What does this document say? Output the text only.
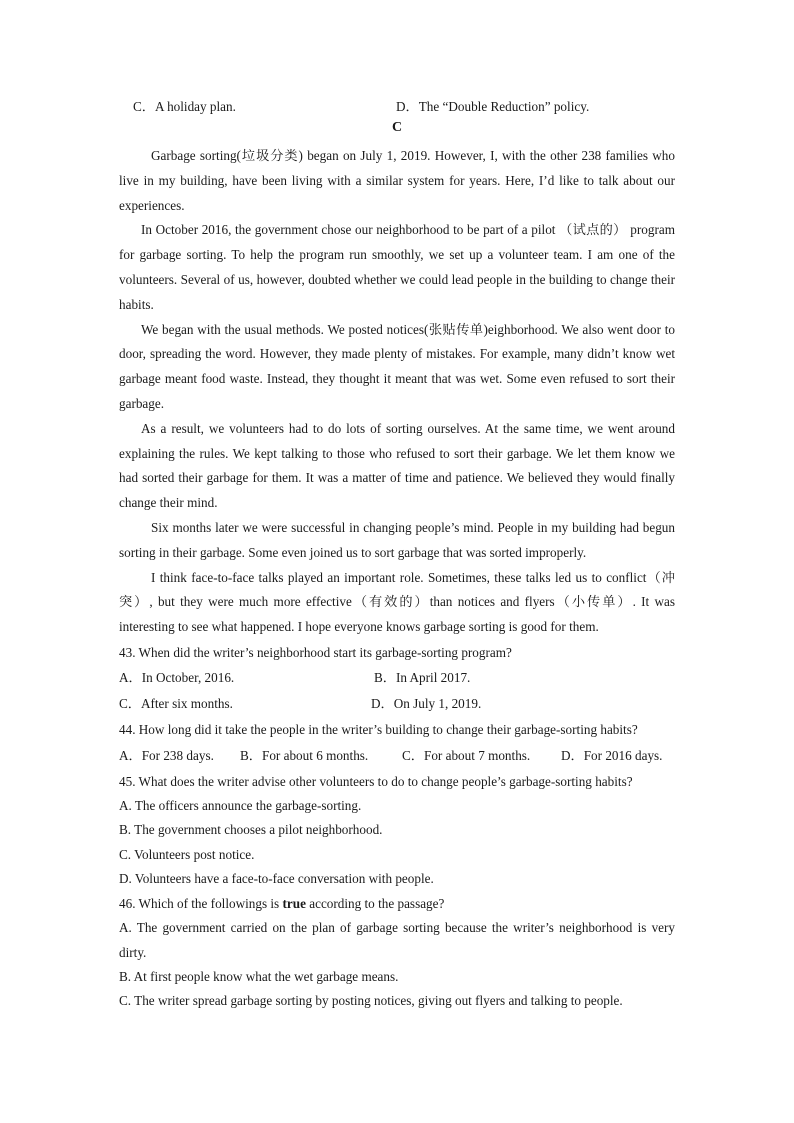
C．A holiday plan.	D．The “Double Reduction” policy.
C

Garbage sorting(垃圾分类) began on July 1, 2019. However, I, with the other 238 families who live in my building, have been living with a similar system for years. Here, I’d like to talk about our experiences.

In October 2016, the government chose our neighborhood to be part of a pilot （试点的） program for garbage sorting. To help the program run smoothly, we set up a volunteer team. I am one of the volunteers. Several of us, however, doubted whether we could lead people in the building to change their habits.

We began with the usual methods. We posted notices(张贴传单)eighborhood. We also went door to door, spreading the word. However, they made plenty of mistakes. For example, many didn’t know wet garbage meant food waste. Instead, they thought it meant that was wet. Some even refused to sort their garbage.

As a result, we volunteers had to do lots of sorting ourselves. At the same time, we went around explaining the rules. We kept talking to those who refused to sort their garbage. We let them know we had sorted their garbage for them. It was a matter of time and patience. We believed they would finally change their mind.

Six months later we were successful in changing people’s mind. People in my building had begun sorting in their garbage. Some even joined us to sort garbage that was sorted improperly.

I think face-to-face talks played an important role. Sometimes, these talks led us to conflict（冲突）, but they were much more effective（有效的）than notices and flyers（小传单）. It was interesting to see what happened. I hope everyone knows garbage sorting is good for them.

43. When did the writer’s neighborhood start its garbage-sorting program?

A．In October, 2016.	B．In April 2017.
C．After six months.	D．On July 1, 2019.

44. How long did it take the people in the writer’s building to change their garbage-sorting habits?

A．For 238 days. B．For about 6 months.	C．For about 7 months. D．For 2016 days.

45. What does the writer advise other volunteers to do to change people’s garbage-sorting habits?

A. The officers announce the garbage-sorting.

B. The government chooses a pilot neighborhood.

C. Volunteers post notice.

D. Volunteers have a face-to-face conversation with people.

46. Which of the followings is true according to the passage?

A. The government carried on the plan of garbage sorting because the writer’s neighborhood is very dirty.

B. At first people know what the wet garbage means.

C. The writer spread garbage sorting by posting notices, giving out flyers and talking to people.
